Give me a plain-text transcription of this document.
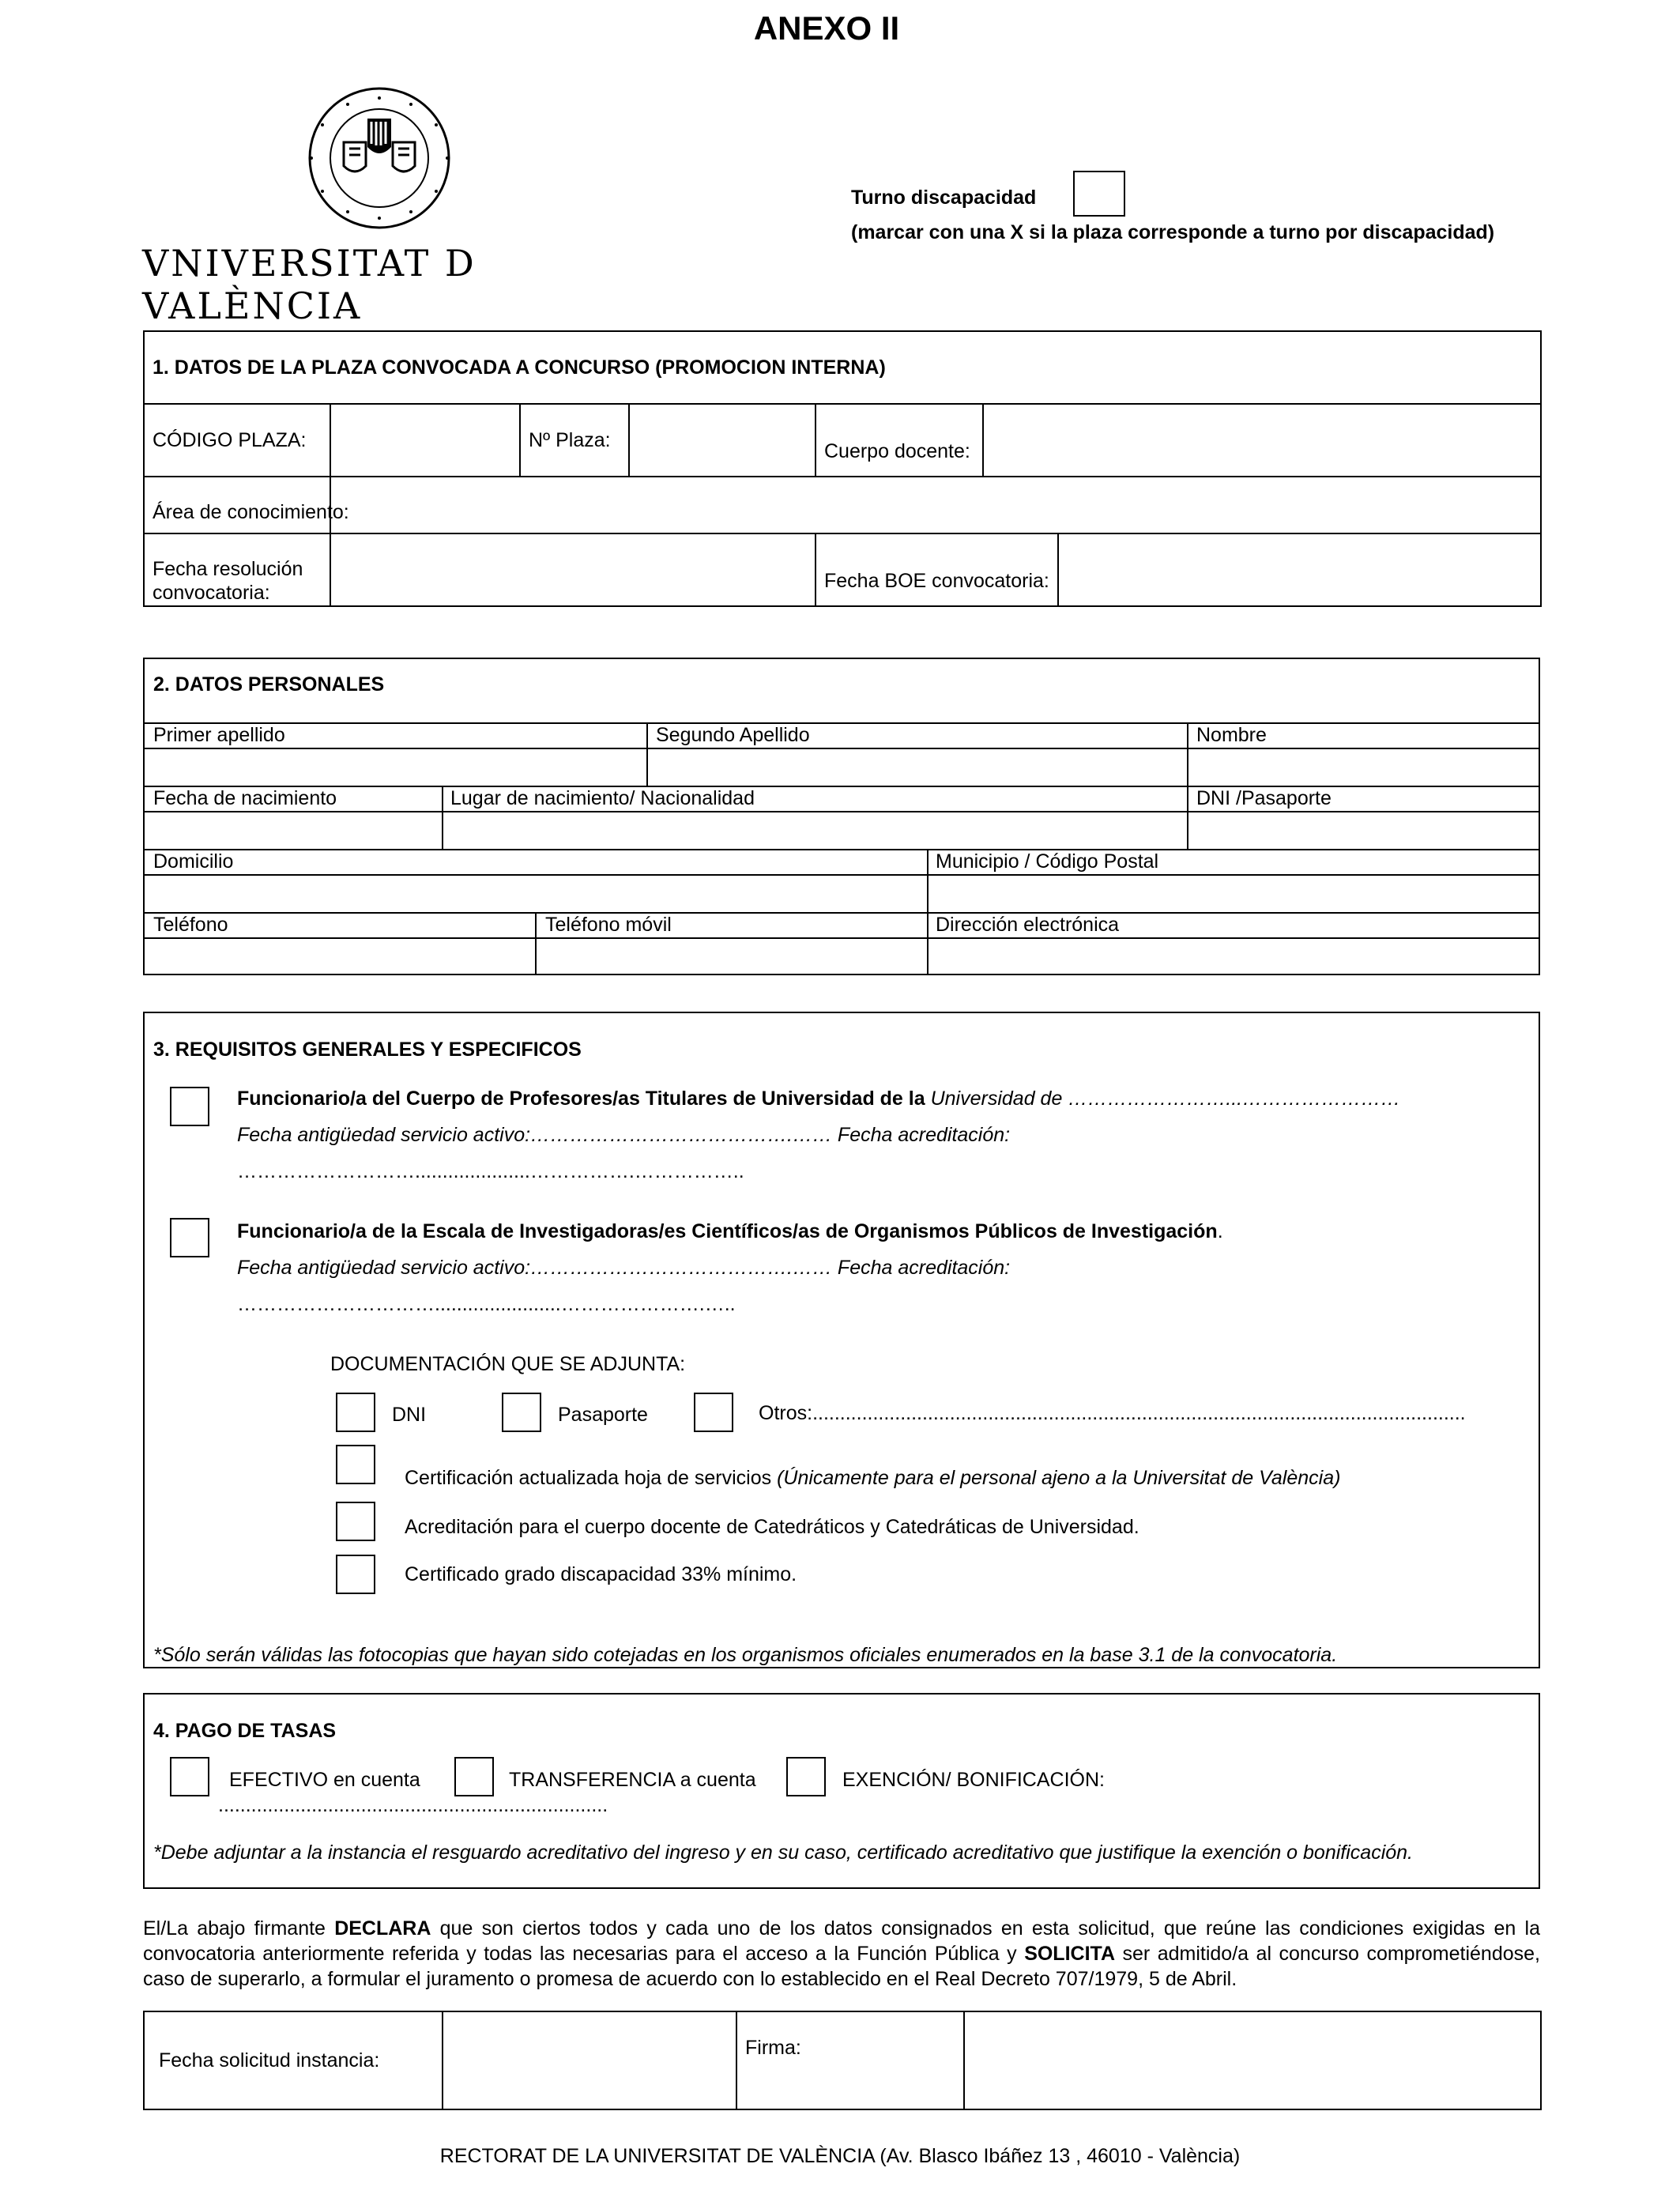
ANEXO II
VNIVERSITAT D VALÈNCIA
Turno discapacidad
(marcar con una X si la plaza corresponde a turno por discapacidad)
1. DATOS DE LA PLAZA CONVOCADA A CONCURSO (PROMOCION INTERNA)						
CÓDIGO PLAZA:		Nº Plaza:		Cuerpo docente:		
Área de conocimiento:						
Fecha resolución convocatoria:				Fecha BOE convocatoria:		
2. DATOS PERSONALES
Primer apellido	Segundo Apellido	Nombre
Fecha de nacimiento	Lugar de nacimiento/ Nacionalidad	DNI /Pasaporte
Domicilio	Municipio / Código Postal
Teléfono	Teléfono móvil	Dirección electrónica
3. REQUISITOS GENERALES Y ESPECIFICOS
Funcionario/a del Cuerpo de Profesores/as Titulares de Universidad de la Universidad de ……………………...……………………
Fecha antigüedad servicio activo:………………………………….…… Fecha acreditación:
……………………….....................…………….……………..
Funcionario/a de la Escala de Investigadoras/es Científicos/as de Organismos Públicos de Investigación.
Fecha antigüedad servicio activo:………………………………….…… Fecha acreditación:
………………………….......................………………….…..
DOCUMENTACIÓN QUE SE ADJUNTA:
DNI	Pasaporte	Otros:.......................................................................................................................
Certificación actualizada hoja de servicios (Únicamente para el personal ajeno a la Universitat de València)
Acreditación para el cuerpo docente de Catedráticos y Catedráticas de Universidad.
Certificado grado discapacidad 33% mínimo.
*Sólo serán válidas las fotocopias que hayan sido cotejadas en los organismos oficiales enumerados en la base 3.1 de la convocatoria.
4. PAGO DE TASAS
EFECTIVO en cuenta	TRANSFERENCIA a cuenta	EXENCIÓN/ BONIFICACIÓN:
.......................................................................
*Debe adjuntar a la instancia el resguardo acreditativo del ingreso y en su caso, certificado acreditativo que justifique la exención o bonificación.
El/La abajo firmante DECLARA que son ciertos todos y cada uno de los datos consignados en esta solicitud, que reúne las condiciones exigidas en la convocatoria anteriormente referida y todas las necesarias para el acceso a la Función Pública y SOLICITA ser admitido/a al concurso comprometiéndose, caso de superarlo, a formular el juramento o promesa de acuerdo con lo establecido en el Real Decreto 707/1979, 5 de Abril.
Fecha solicitud instancia:		Firma:	
RECTORAT DE LA UNIVERSITAT DE VALÈNCIA (Av. Blasco Ibáñez 13 , 46010 - València)
